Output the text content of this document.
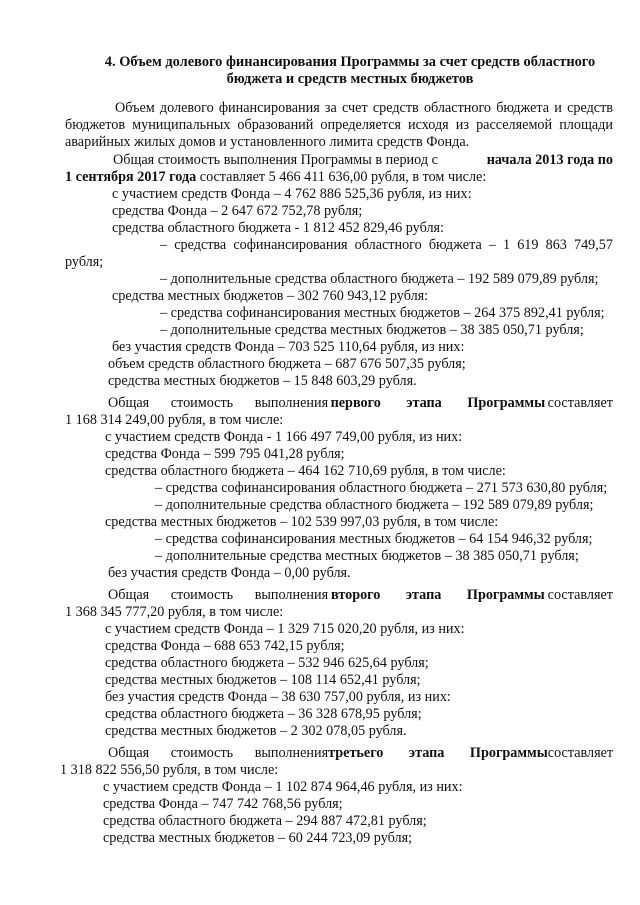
4. Объем долевого финансирования Программы за счет средств областного
бюджета и средств местных бюджетов
Объем долевого финансирования за счет средств областного бюджета и средств
бюджетов муниципальных образований определяется исходя из расселяемой площади
аварийных жилых домов и установленного лимита средств Фонда.
Общая стоимость выполнения Программы в период с	начала 2013 года по
1 сентября 2017 года составляет 5 466 411 636,00 рубля, в том числе:
с участием средств Фонда – 4 762 886 525,36 рубля, из них:
средства Фонда – 2 647 672 752,78 рубля;
средства областного бюджета - 1 812 452 829,46 рубля:
– средства софинансирования областного бюджета – 1 619 863 749,57
рубля;
– дополнительные средства областного бюджета – 192 589 079,89 рубля;
средства местных бюджетов – 302 760 943,12 рубля:
– средства софинансирования местных бюджетов – 264 375 892,41 рубля;
– дополнительные средства местных бюджетов – 38 385 050,71 рубля;
без участия средств Фонда – 703 525 110,64 рубля, из них:
объем средств областного бюджета – 687 676 507,35 рубля;
средства местных бюджетов – 15 848 603,29 рубля.
Общая стоимость выполнения первого этапа Программы составляет
1 168 314 249,00 рубля, в том числе:
с участием средств Фонда - 1 166 497 749,00 рубля, из них:
средства Фонда – 599 795 041,28 рубля;
средства областного бюджета – 464 162 710,69 рубля, в том числе:
– средства софинансирования областного бюджета – 271 573 630,80 рубля;
– дополнительные средства областного бюджета – 192 589 079,89 рубля;
средства местных бюджетов – 102 539 997,03 рубля, в том числе:
– средства софинансирования местных бюджетов – 64 154 946,32 рубля;
– дополнительные средства местных бюджетов – 38 385 050,71 рубля;
без участия средств Фонда – 0,00 рубля.
Общая стоимость выполнения второго этапа Программы составляет
1 368 345 777,20 рубля, в том числе:
с участием средств Фонда – 1 329 715 020,20 рубля, из них:
средства Фонда – 688 653 742,15 рубля;
средства областного бюджета – 532 946 625,64 рубля;
средства местных бюджетов – 108 114 652,41 рубля;
без участия средств Фонда – 38 630 757,00 рубля, из них:
средства областного бюджета – 36 328 678,95 рубля;
средства местных бюджетов – 2 302 078,05 рубля.
Общая стоимость выполнения третьего этапа Программы составляет
1 318 822 556,50 рубля, в том числе:
с участием средств Фонда – 1 102 874 964,46 рубля, из них:
средства Фонда – 747 742 768,56 рубля;
средства областного бюджета – 294 887 472,81 рубля;
средства местных бюджетов – 60 244 723,09 рубля;
